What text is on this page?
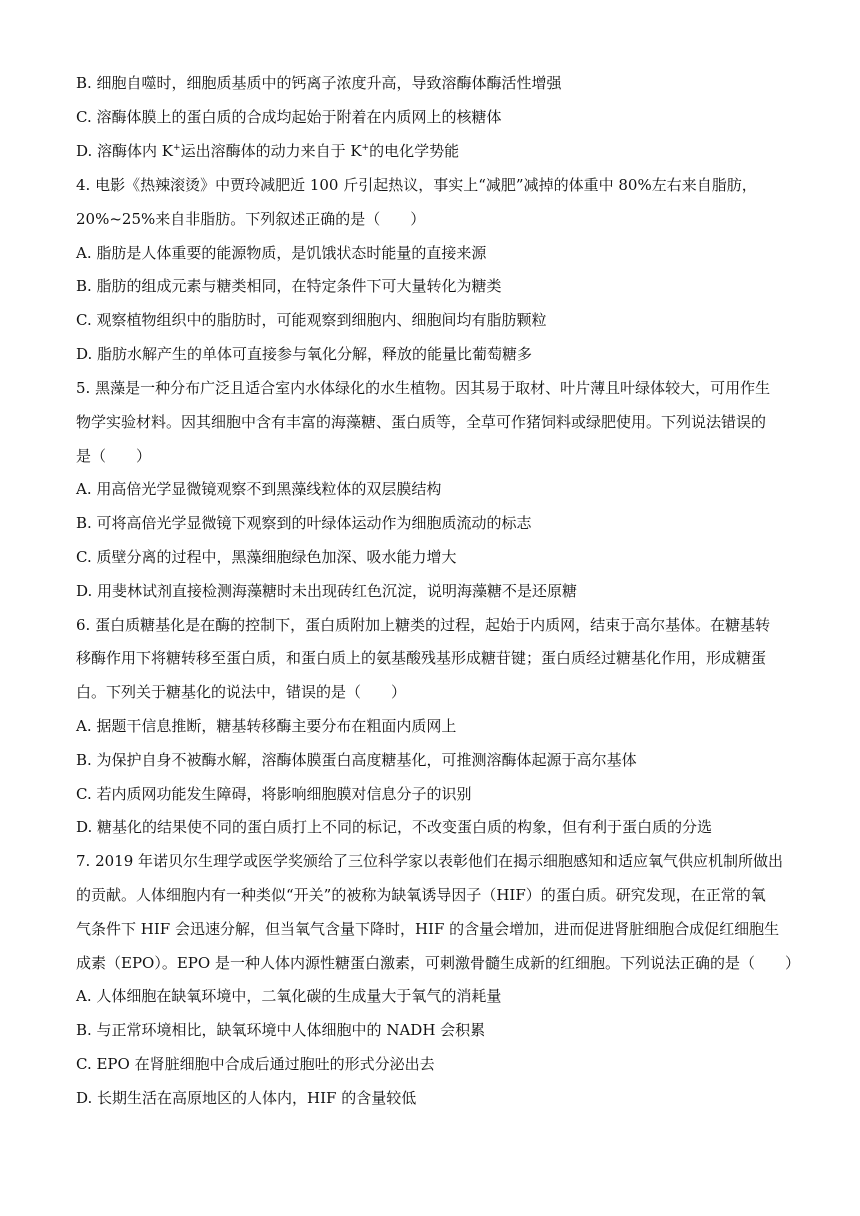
B. 细胞自噬时，细胞质基质中的钙离子浓度升高，导致溶酶体酶活性增强
C. 溶酶体膜上的蛋白质的合成均起始于附着在内质网上的核糖体
D. 溶酶体内 K+运出溶酶体的动力来自于 K+的电化学势能
4. 电影《热辣滚烫》中贾玲减肥近 100 斤引起热议，事实上“减肥”减掉的体重中 80%左右来自脂肪，
20%~25%来自非脂肪。下列叙述正确的是（　　）
A. 脂肪是人体重要的能源物质，是饥饿状态时能量的直接来源
B. 脂肪的组成元素与糖类相同，在特定条件下可大量转化为糖类
C. 观察植物组织中的脂肪时，可能观察到细胞内、细胞间均有脂肪颗粒
D. 脂肪水解产生的单体可直接参与氧化分解，释放的能量比葡萄糖多
5. 黑藻是一种分布广泛且适合室内水体绿化的水生植物。因其易于取材、叶片薄且叶绿体较大，可用作生
物学实验材料。因其细胞中含有丰富的海藻糖、蛋白质等，全草可作猪饲料或绿肥使用。下列说法错误的
是（　　）
A. 用高倍光学显微镜观察不到黑藻线粒体的双层膜结构
B. 可将高倍光学显微镜下观察到的叶绿体运动作为细胞质流动的标志
C. 质壁分离的过程中，黑藻细胞绿色加深、吸水能力增大
D. 用斐林试剂直接检测海藻糖时未出现砖红色沉淀，说明海藻糖不是还原糖
6. 蛋白质糖基化是在酶的控制下，蛋白质附加上糖类的过程，起始于内质网，结束于高尔基体。在糖基转
移酶作用下将糖转移至蛋白质，和蛋白质上的氨基酸残基形成糖苷键；蛋白质经过糖基化作用，形成糖蛋
白。下列关于糖基化的说法中，错误的是（　　）
A. 据题干信息推断，糖基转移酶主要分布在粗面内质网上
B. 为保护自身不被酶水解，溶酶体膜蛋白高度糖基化，可推测溶酶体起源于高尔基体
C. 若内质网功能发生障碍，将影响细胞膜对信息分子的识别
D. 糖基化的结果使不同的蛋白质打上不同的标记，不改变蛋白质的构象，但有利于蛋白质的分选
7. 2019 年诺贝尔生理学或医学奖颁给了三位科学家以表彰他们在揭示细胞感知和适应氧气供应机制所做出
的贡献。人体细胞内有一种类似“开关”的被称为缺氧诱导因子（HIF）的蛋白质。研究发现，在正常的氧
气条件下 HIF 会迅速分解，但当氧气含量下降时，HIF 的含量会增加，进而促进肾脏细胞合成促红细胞生
成素（EPO）。EPO 是一种人体内源性糖蛋白激素，可刺激骨髓生成新的红细胞。下列说法正确的是（　　）
A. 人体细胞在缺氧环境中，二氧化碳的生成量大于氧气的消耗量
B. 与正常环境相比，缺氧环境中人体细胞中的 NADH 会积累
C. EPO 在肾脏细胞中合成后通过胞吐的形式分泌出去
D. 长期生活在高原地区的人体内，HIF 的含量较低
